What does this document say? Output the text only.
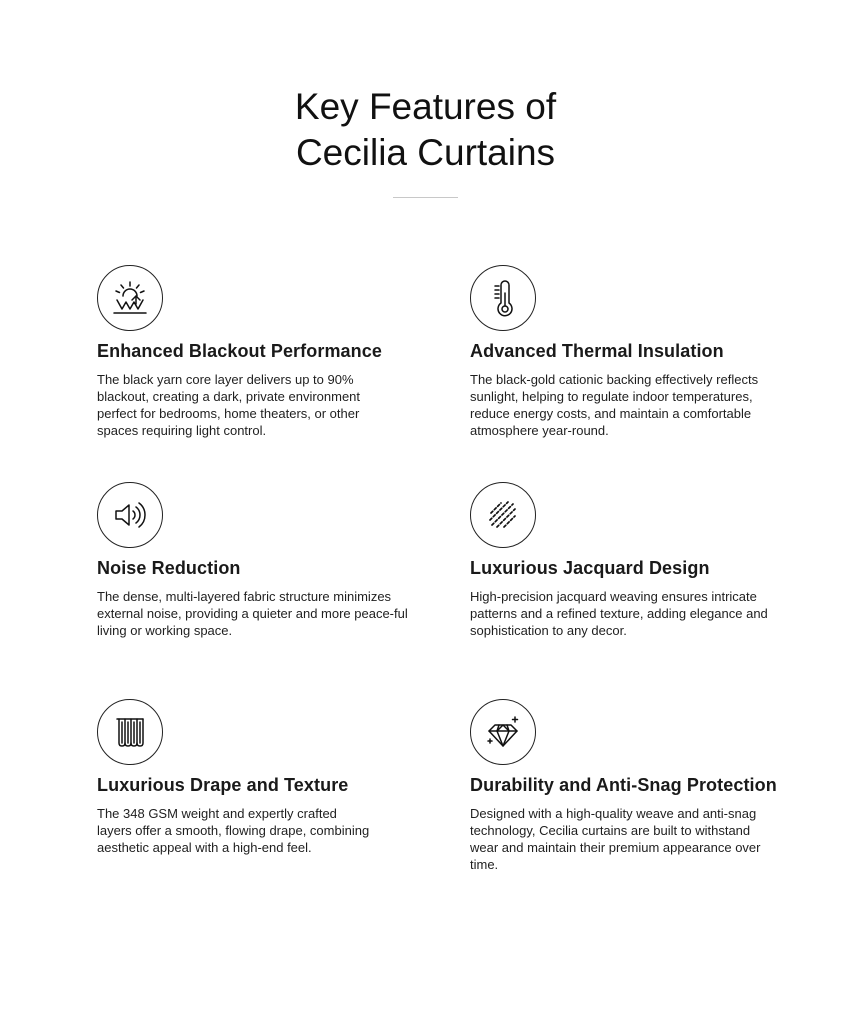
Key Features of
Cecilia Curtains
Enhanced Blackout Performance

The black yarn core layer delivers up to 90% blackout, creating a dark, private environment perfect for bedrooms, home theaters, or other spaces requiring light control.

Advanced Thermal Insulation

The black-gold cationic backing effectively reflects sunlight, helping to regulate indoor temperatures, reduce energy costs, and maintain a comfortable atmosphere year-round.

Noise Reduction

The dense, multi-layered fabric structure minimizes external noise, providing a quieter and more peace-ful living or working space.

Luxurious Jacquard Design

High-precision jacquard weaving ensures intricate patterns and a refined texture, adding elegance and sophistication to any decor.

Luxurious Drape and Texture

The 348 GSM weight and expertly crafted layers offer a smooth, flowing drape, combining aesthetic appeal with a high-end feel.

Durability and Anti-Snag Protection

Designed with a high-quality weave and anti-snag technology, Cecilia curtains are built to withstand wear and maintain their premium appearance over time.
